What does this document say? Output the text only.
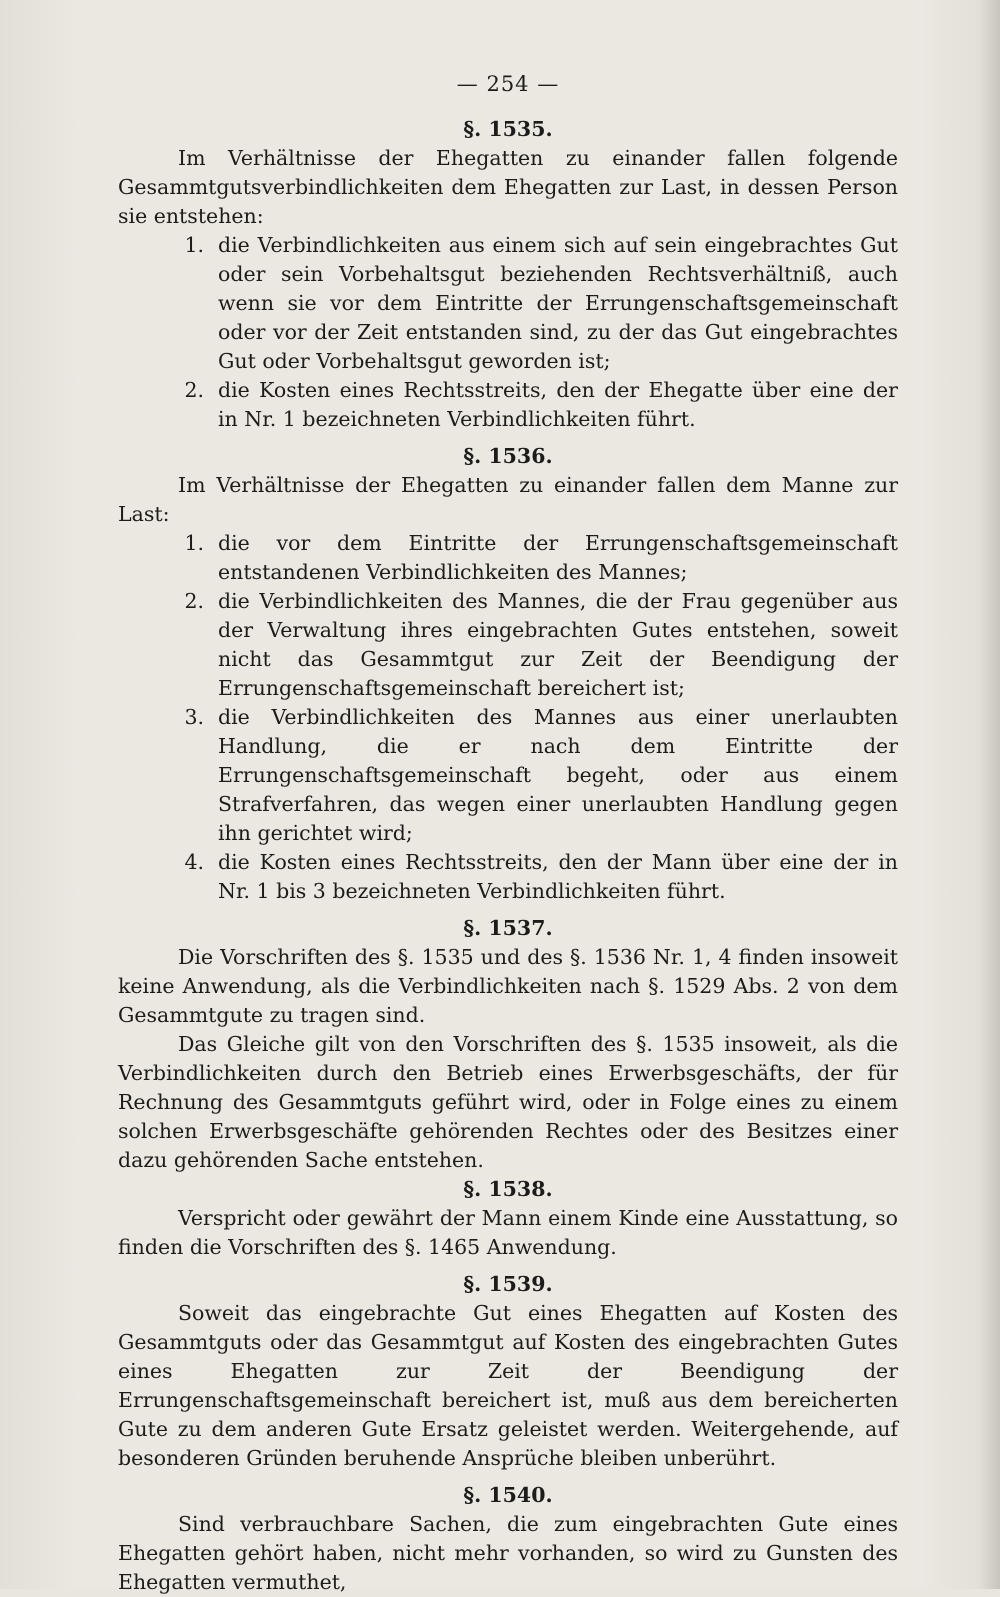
— 254 —
§. 1535.

Im Verhältnisse der Ehegatten zu einander fallen folgende Gesammtgutsverbindlichkeiten dem Ehegatten zur Last, in dessen Person sie entstehen:

1. die Verbindlichkeiten aus einem sich auf sein eingebrachtes Gut oder sein Vorbehaltsgut beziehenden Rechtsverhältniß, auch wenn sie vor dem Eintritte der Errungenschaftsgemeinschaft oder vor der Zeit entstanden sind, zu der das Gut eingebrachtes Gut oder Vorbehaltsgut geworden ist;
2. die Kosten eines Rechtsstreits, den der Ehegatte über eine der in Nr. 1 bezeichneten Verbindlichkeiten führt.
§. 1536.

Im Verhältnisse der Ehegatten zu einander fallen dem Manne zur Last:

1. die vor dem Eintritte der Errungenschaftsgemeinschaft entstandenen Verbindlichkeiten des Mannes;
2. die Verbindlichkeiten des Mannes, die der Frau gegenüber aus der Verwaltung ihres eingebrachten Gutes entstehen, soweit nicht das Gesammtgut zur Zeit der Beendigung der Errungenschaftsgemeinschaft bereichert ist;
3. die Verbindlichkeiten des Mannes aus einer unerlaubten Handlung, die er nach dem Eintritte der Errungenschaftsgemeinschaft begeht, oder aus einem Strafverfahren, das wegen einer unerlaubten Handlung gegen ihn gerichtet wird;
4. die Kosten eines Rechtsstreits, den der Mann über eine der in Nr. 1 bis 3 bezeichneten Verbindlichkeiten führt.
§. 1537.

Die Vorschriften des §. 1535 und des §. 1536 Nr. 1, 4 finden insoweit keine Anwendung, als die Verbindlichkeiten nach §. 1529 Abs. 2 von dem Gesammtgute zu tragen sind.

Das Gleiche gilt von den Vorschriften des §. 1535 insoweit, als die Verbindlichkeiten durch den Betrieb eines Erwerbsgeschäfts, der für Rechnung des Gesammtguts geführt wird, oder in Folge eines zu einem solchen Erwerbsgeschäfte gehörenden Rechtes oder des Besitzes einer dazu gehörenden Sache entstehen.

§. 1538.

Verspricht oder gewährt der Mann einem Kinde eine Ausstattung, so finden die Vorschriften des §. 1465 Anwendung.

§. 1539.

Soweit das eingebrachte Gut eines Ehegatten auf Kosten des Gesammtguts oder das Gesammtgut auf Kosten des eingebrachten Gutes eines Ehegatten zur Zeit der Beendigung der Errungenschaftsgemeinschaft bereichert ist, muß aus dem bereicherten Gute zu dem anderen Gute Ersatz geleistet werden. Weitergehende, auf besonderen Gründen beruhende Ansprüche bleiben unberührt.

§. 1540.

Sind verbrauchbare Sachen, die zum eingebrachten Gute eines Ehegatten gehört haben, nicht mehr vorhanden, so wird zu Gunsten des Ehegatten vermuthet,
